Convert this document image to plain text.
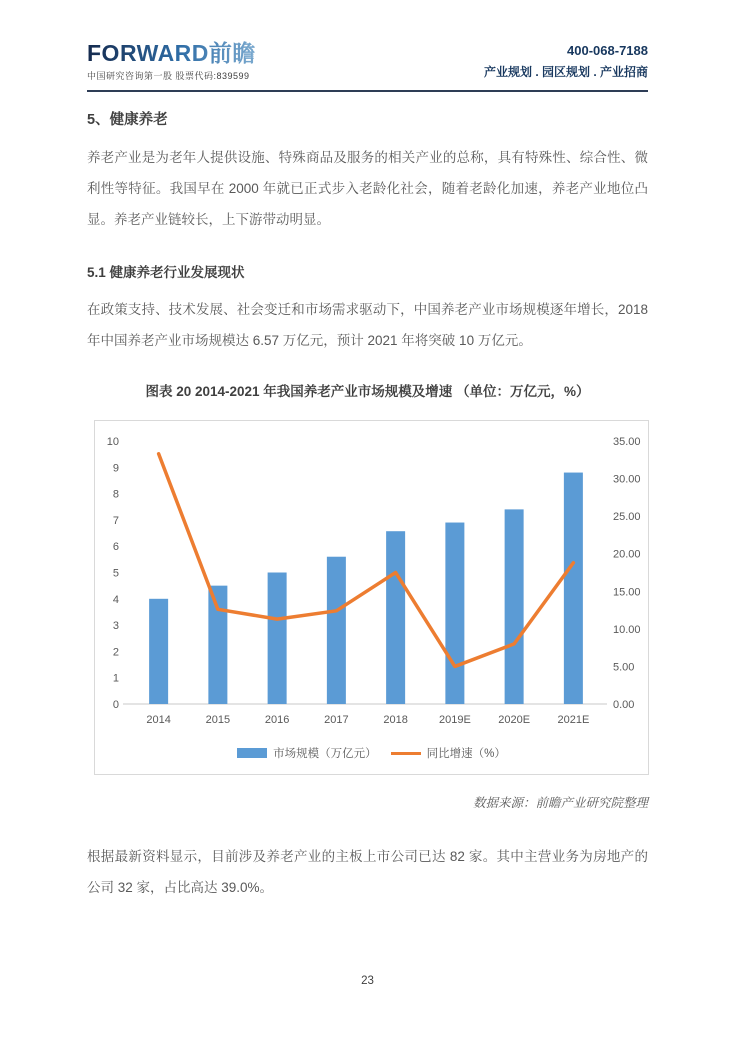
FORWARD前瞻
中国研究咨询第一股 股票代码:839599
400-068-7188
产业规划 . 园区规划 . 产业招商
5、健康养老
养老产业是为老年人提供设施、特殊商品及服务的相关产业的总称，具有特殊性、综合性、微利性等特征。我国早在 2000 年就已正式步入老龄化社会，随着老龄化加速，养老产业地位凸显。养老产业链较长，上下游带动明显。
5.1 健康养老行业发展现状
在政策支持、技术发展、社会变迁和市场需求驱动下，中国养老产业市场规模逐年增长，2018 年中国养老产业市场规模达 6.57 万亿元，预计 2021 年将突破 10 万亿元。
图表 20 2014-2021 年我国养老产业市场规模及增速 （单位：万亿元，%）
0
1
2
3
4
5
6
7
8
9
10
0.00
5.00
10.00
15.00
20.00
25.00
30.00
35.00
2014	2015	2016	2017	2018	2019E 2020E 2021E
市场规模（万亿元）	同比增速（%）
数据来源：前瞻产业研究院整理
根据最新资料显示，目前涉及养老产业的主板上市公司已达 82 家。其中主营业务为房地产的公司 32 家，占比高达 39.0%。
23
